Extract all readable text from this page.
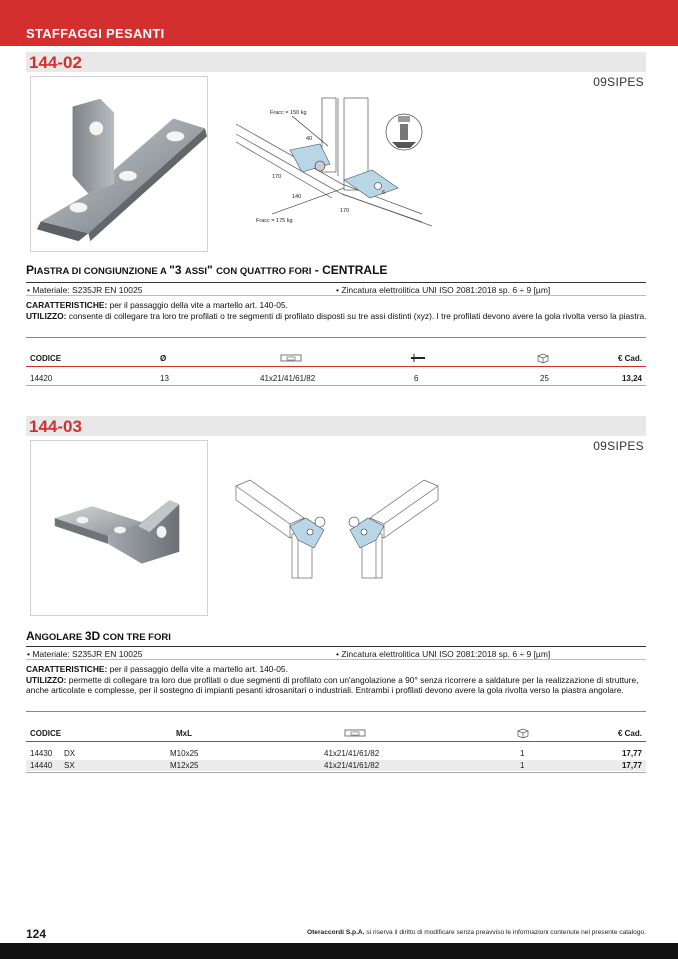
STAFFAGGI PESANTI
144-02
09SIPES
Fracc = 150 kg
Fracc = 175 kg
40
170
140
170
6
PIASTRA DI CONGIUNZIONE A "3 ASSI" CON QUATTRO FORI - CENTRALE
• Materiale: S235JR EN 10025	• Zincatura elettrolitica UNI ISO 2081:2018 sp. 6 ÷ 9 [µm]
CARATTERISTICHE: per il passaggio della vite a martello art. 140-05.
UTILIZZO: consente di collegare tra loro tre profilati o tre segmenti di profilato disposti su tre assi distinti (xyz). I tre profilati devono avere la gola rivolta verso la piastra.
CODICE	Ø	€ Cad.
14420	13	41x21/41/61/82	6	25	13,24
144-03
09SIPES
ANGOLARE 3D CON TRE FORI
• Materiale: S235JR EN 10025	• Zincatura elettrolitica UNI ISO 2081:2018 sp. 6 ÷ 9 [µm]
CARATTERISTICHE: per il passaggio della vite a martello art. 140-05.
UTILIZZO: permette di collegare tra loro due profilati o due segmenti di profilato con un'angolazione a 90° senza ricorrere a saldature per la realizzazione di strutture, anche articolate e complesse, per il sostegno di impianti pesanti idrosanitari o industriali. Entrambi i profilati devono avere la gola rivolta verso la piastra angolare.
CODICE	MxL	€ Cad.
14430 DX	M10x25	41x21/41/61/82	1	17,77
14440 SX	M12x25	41x21/41/61/82	1	17,77
124	Oteraccordi S.p.A. si riserva il diritto di modificare senza preavviso le informazioni contenute nel presente catalogo.
